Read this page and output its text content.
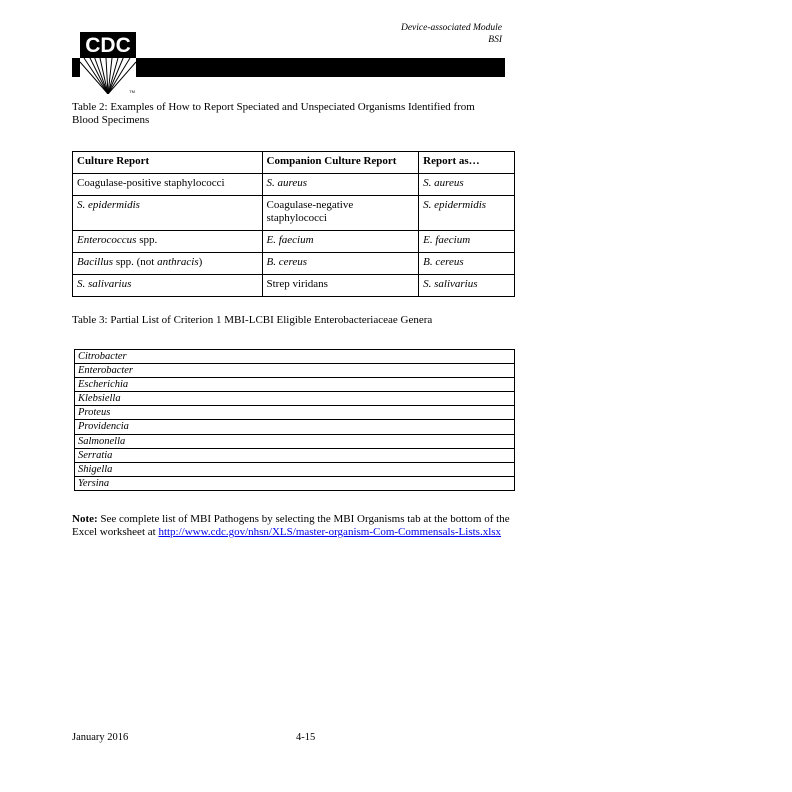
Device-associated Module
BSI
CDC
TM
Table 2: Examples of How to Report Speciated and Unspeciated Organisms Identified from Blood Specimens
Culture Report	Companion Culture Report	Report as…
Coagulase-positive staphylococci	S. aureus	S. aureus
S. epidermidis	Coagulase-negative staphylococci	S. epidermidis
Enterococcus spp.	E. faecium	E. faecium
Bacillus spp. (not anthracis)	B. cereus	B. cereus
S. salivarius	Strep viridans	S. salivarius
Table 3: Partial List of Criterion 1 MBI-LCBI Eligible Enterobacteriaceae Genera
Citrobacter
Enterobacter
Escherichia
Klebsiella
Proteus
Providencia
Salmonella
Serratia
Shigella
Yersina
Note: See complete list of MBI Pathogens by selecting the MBI Organisms tab at the bottom of the Excel worksheet at http://www.cdc.gov/nhsn/XLS/master-organism-Com-Commensals-Lists.xlsx
January 2016	4-15
